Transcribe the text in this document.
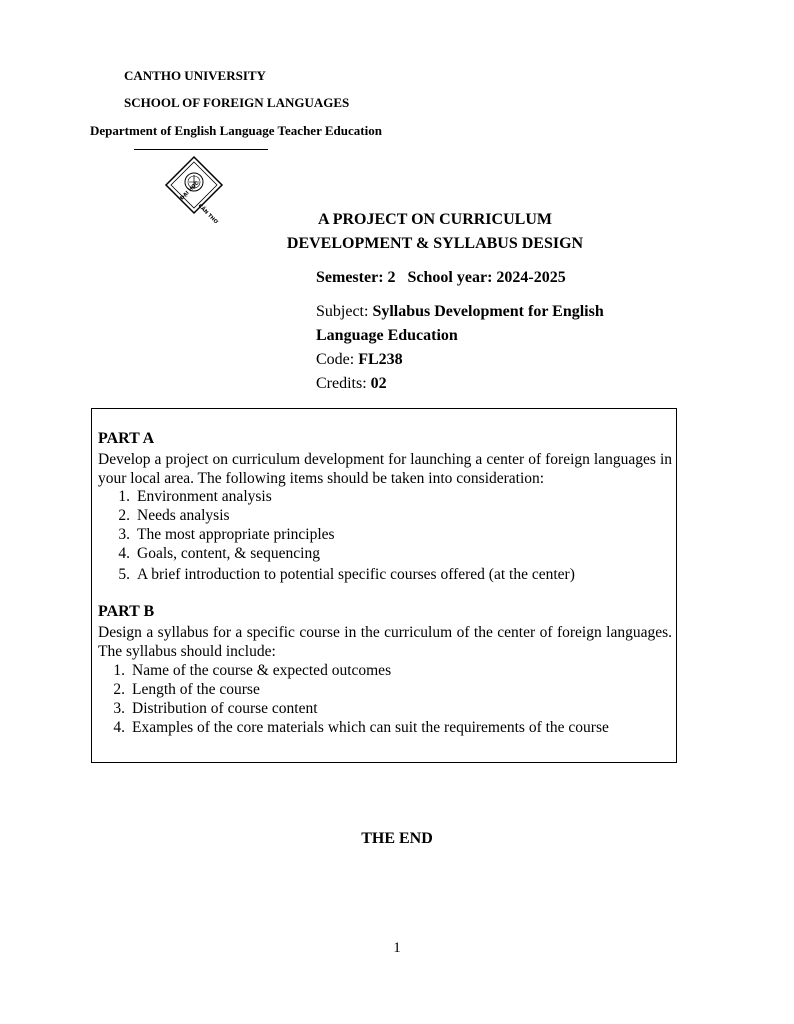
CANTHO UNIVERSITY
SCHOOL OF FOREIGN LANGUAGES
Department of English Language Teacher Education
ĐẠI HỌC
CẦN THƠ	A PROJECT ON CURRICULUM
DEVELOPMENT & SYLLABUS DESIGN
Semester: 2   School year: 2024-2025
Subject: Syllabus Development for English
Language Education
Code: FL238
Credits: 02
PART A
Develop a project on curriculum development for launching a center of foreign languages in your local area. The following items should be taken into consideration:
1. Environment analysis
2. Needs analysis
3. The most appropriate principles
4. Goals, content, & sequencing
5. A brief introduction to potential specific courses offered (at the center)
PART B
Design a syllabus for a specific course in the curriculum of the center of foreign languages. The syllabus should include:
1. Name of the course & expected outcomes
2. Length of the course
3. Distribution of course content
4. Examples of the core materials which can suit the requirements of the course
THE END
1
